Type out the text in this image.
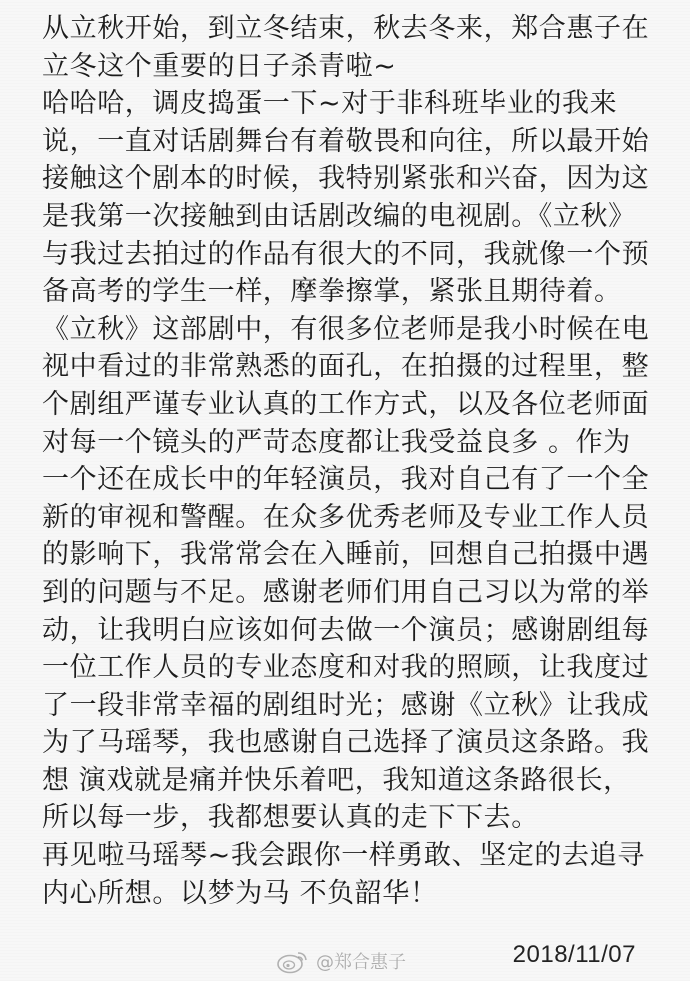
从立秋开始，到立冬结束，秋去冬来，郑合惠子在
立冬这个重要的日子杀青啦~
哈哈哈，调皮捣蛋一下~对于非科班毕业的我来
说，一直对话剧舞台有着敬畏和向往，所以最开始
接触这个剧本的时候，我特别紧张和兴奋，因为这
是我第一次接触到由话剧改编的电视剧。《立秋》
与我过去拍过的作品有很大的不同，我就像一个预
备高考的学生一样，摩拳擦掌，紧张且期待着。
《立秋》这部剧中，有很多位老师是我小时候在电
视中看过的非常熟悉的面孔，在拍摄的过程里，整
个剧组严谨专业认真的工作方式，以及各位老师面
对每一个镜头的严苛态度都让我受益良多 。作为
一个还在成长中的年轻演员，我对自己有了一个全
新的审视和警醒。在众多优秀老师及专业工作人员
的影响下，我常常会在入睡前，回想自己拍摄中遇
到的问题与不足。感谢老师们用自己习以为常的举
动，让我明白应该如何去做一个演员；感谢剧组每
一位工作人员的专业态度和对我的照顾，让我度过
了一段非常幸福的剧组时光；感谢《立秋》让我成
为了马瑶琴，我也感谢自己选择了演员这条路。我
想 演戏就是痛并快乐着吧，我知道这条路很长，
所以每一步，我都想要认真的走下下去。
再见啦马瑶琴~我会跟你一样勇敢、坚定的去追寻
内心所想。以梦为马 不负韶华！
@郑合惠子	2018/11/07
